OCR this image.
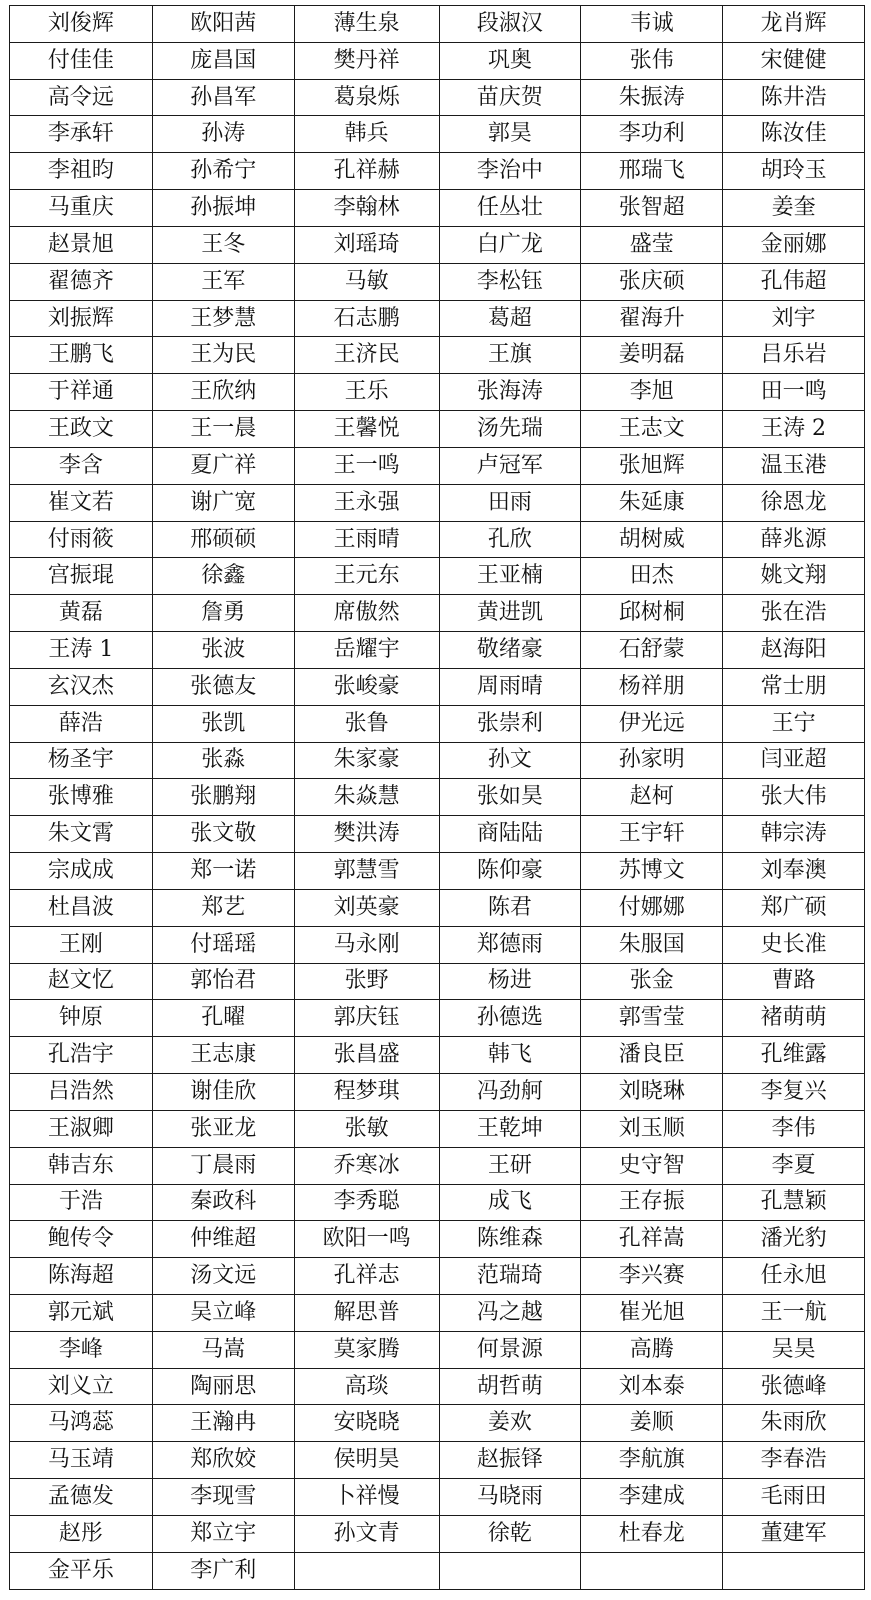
刘俊辉	欧阳茜	薄生泉	段淑汉	韦诚	龙肖辉
付佳佳	庞昌国	樊丹祥	巩奥	张伟	宋健健
高令远	孙昌军	葛泉烁	苗庆贺	朱振涛	陈井浩
李承轩	孙涛	韩兵	郭昊	李功利	陈汝佳
李祖昀	孙希宁	孔祥赫	李治中	邢瑞飞	胡玲玉
马重庆	孙振坤	李翰林	任丛壮	张智超	姜奎
赵景旭	王冬	刘瑶琦	白广龙	盛莹	金丽娜
翟德齐	王军	马敏	李松钰	张庆硕	孔伟超
刘振辉	王梦慧	石志鹏	葛超	翟海升	刘宇
王鹏飞	王为民	王济民	王旗	姜明磊	吕乐岩
于祥通	王欣纳	王乐	张海涛	李旭	田一鸣
王政文	王一晨	王馨悦	汤先瑞	王志文	王涛 2
李含	夏广祥	王一鸣	卢冠军	张旭辉	温玉港
崔文若	谢广宽	王永强	田雨	朱延康	徐恩龙
付雨筱	邢硕硕	王雨晴	孔欣	胡树威	薛兆源
宫振琨	徐鑫	王元东	王亚楠	田杰	姚文翔
黄磊	詹勇	席傲然	黄进凯	邱树桐	张在浩
王涛 1	张波	岳耀宇	敬绪豪	石舒蒙	赵海阳
玄汉杰	张德友	张峻豪	周雨晴	杨祥朋	常士朋
薛浩	张凯	张鲁	张崇利	伊光远	王宁
杨圣宇	张淼	朱家豪	孙文	孙家明	闫亚超
张博雅	张鹏翔	朱焱慧	张如昊	赵柯	张大伟
朱文霄	张文敬	樊洪涛	商陆陆	王宇轩	韩宗涛
宗成成	郑一诺	郭慧雪	陈仰豪	苏博文	刘奉澳
杜昌波	郑艺	刘英豪	陈君	付娜娜	郑广硕
王刚	付瑶瑶	马永刚	郑德雨	朱服国	史长准
赵文忆	郭怡君	张野	杨进	张金	曹路
钟原	孔曜	郭庆钰	孙德选	郭雪莹	褚萌萌
孔浩宇	王志康	张昌盛	韩飞	潘良臣	孔维露
吕浩然	谢佳欣	程梦琪	冯劲舸	刘晓琳	李复兴
王淑卿	张亚龙	张敏	王乾坤	刘玉顺	李伟
韩吉东	丁晨雨	乔寒冰	王研	史守智	李夏
于浩	秦政科	李秀聪	成飞	王存振	孔慧颖
鲍传令	仲维超	欧阳一鸣	陈维森	孔祥嵩	潘光豹
陈海超	汤文远	孔祥志	范瑞琦	李兴赛	任永旭
郭元斌	吴立峰	解思普	冯之越	崔光旭	王一航
李峰	马嵩	莫家腾	何景源	高腾	吴昊
刘义立	陶丽思	高琰	胡哲萌	刘本泰	张德峰
马鸿蕊	王瀚冉	安晓晓	姜欢	姜顺	朱雨欣
马玉靖	郑欣姣	侯明昊	赵振铎	李航旗	李春浩
孟德发	李现雪	卜祥慢	马晓雨	李建成	毛雨田
赵彤	郑立宇	孙文青	徐乾	杜春龙	董建军
金平乐	李广利				
